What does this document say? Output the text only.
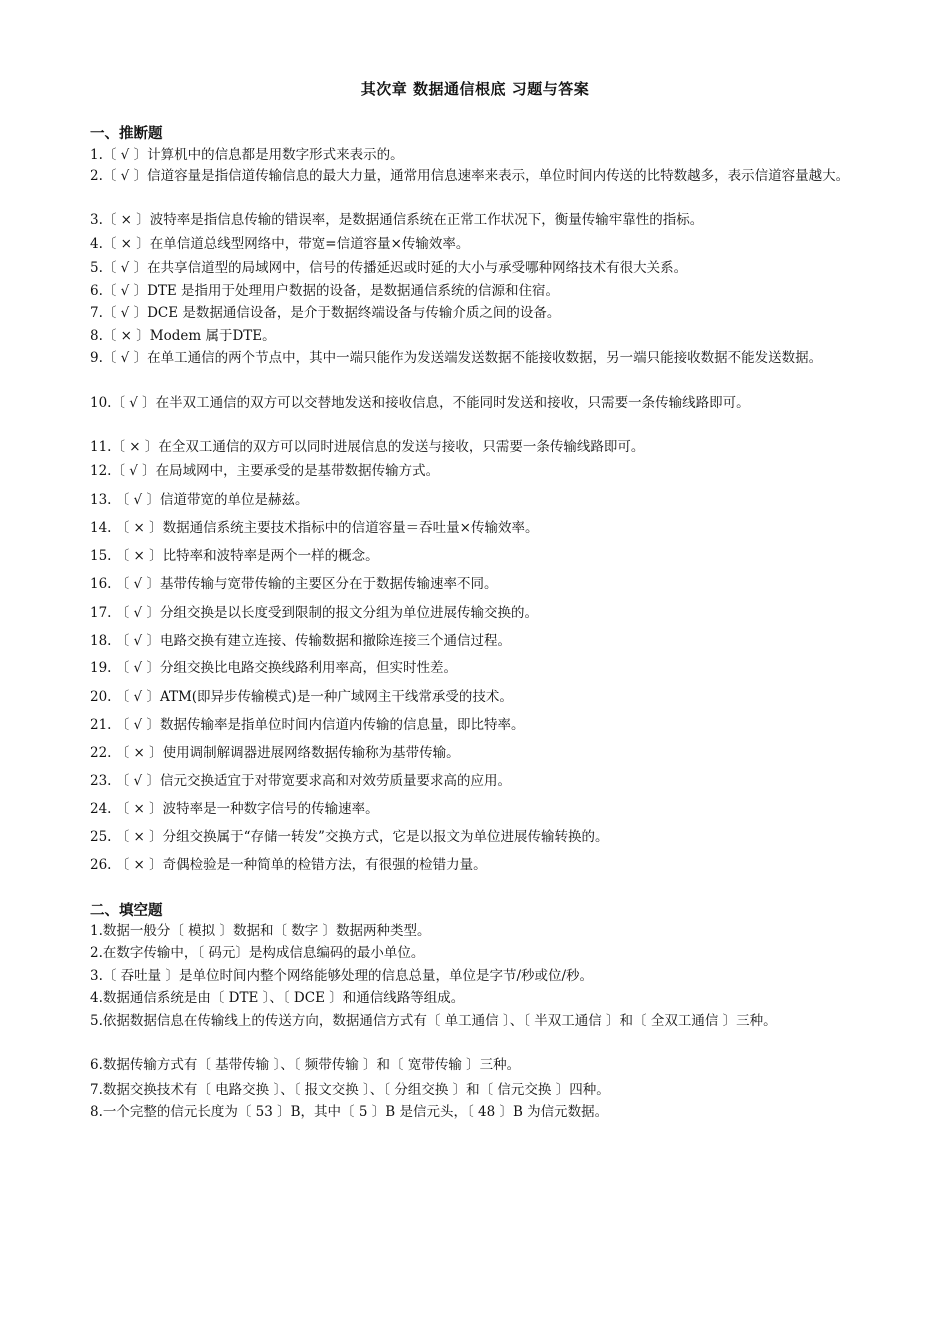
其次章 数据通信根底 习题与答案
一、推断题
1.〔 √ 〕计算机中的信息都是用数字形式来表示的。
2.〔 √ 〕信道容量是指信道传输信息的最大力量，通常用信息速率来表示，单位时间内传送的比特数越多，表示信道容量越大。
3.〔 × 〕波特率是指信息传输的错误率，是数据通信系统在正常工作状况下，衡量传输牢靠性的指标。
4.〔 × 〕在单信道总线型网络中，带宽=信道容量×传输效率。
5.〔 √ 〕在共享信道型的局域网中，信号的传播延迟或时延的大小与承受哪种网络技术有很大关系。
6.〔 √ 〕DTE 是指用于处理用户数据的设备，是数据通信系统的信源和住宿。
7.〔 √ 〕DCE 是数据通信设备，是介于数据终端设备与传输介质之间的设备。
8.〔 × 〕Modem 属于DTE。
9.〔 √ 〕在单工通信的两个节点中，其中一端只能作为发送端发送数据不能接收数据，另一端只能接收数据不能发送数据。
10.〔 √ 〕在半双工通信的双方可以交替地发送和接收信息，不能同时发送和接收，只需要一条传输线路即可。
11.〔 × 〕在全双工通信的双方可以同时进展信息的发送与接收，只需要一条传输线路即可。
12.〔 √ 〕在局域网中，主要承受的是基带数据传输方式。
13. 〔 √ 〕信道带宽的单位是赫兹。
14. 〔 × 〕数据通信系统主要技术指标中的信道容量＝吞吐量×传输效率。
15. 〔 × 〕比特率和波特率是两个一样的概念。
16. 〔 √ 〕基带传输与宽带传输的主要区分在于数据传输速率不同。
17. 〔 √ 〕分组交换是以长度受到限制的报文分组为单位进展传输交换的。
18. 〔 √ 〕电路交换有建立连接、传输数据和撤除连接三个通信过程。
19. 〔 √ 〕分组交换比电路交换线路利用率高，但实时性差。
20. 〔 √ 〕ATM(即异步传输模式)是一种广域网主干线常承受的技术。
21. 〔 √ 〕数据传输率是指单位时间内信道内传输的信息量，即比特率。
22. 〔 × 〕使用调制解调器进展网络数据传输称为基带传输。
23. 〔 √ 〕信元交换适宜于对带宽要求高和对效劳质量要求高的应用。
24. 〔 × 〕波特率是一种数字信号的传输速率。
25. 〔 × 〕分组交换属于“存储一转发”交换方式，它是以报文为单位进展传输转换的。
26. 〔 × 〕奇偶检验是一种简单的检错方法，有很强的检错力量。
二、填空题
1.数据一般分〔 模拟 〕数据和〔 数字 〕数据两种类型。
2.在数字传输中，〔 码元〕是构成信息编码的最小单位。
3.〔 吞吐量 〕是单位时间内整个网络能够处理的信息总量，单位是字节/秒或位/秒。
4.数据通信系统是由〔 DTE 〕、〔 DCE 〕和通信线路等组成。
5.依据数据信息在传输线上的传送方向，数据通信方式有〔 单工通信 〕、〔 半双工通信 〕和〔 全双工通信 〕三种。
6.数据传输方式有〔 基带传输 〕、〔 频带传输 〕和〔 宽带传输 〕三种。
7.数据交换技术有〔 电路交换 〕、〔 报文交换 〕、〔 分组交换 〕和〔 信元交换 〕四种。
8.一个完整的信元长度为〔 53 〕B，其中〔 5 〕B 是信元头，〔 48 〕B 为信元数据。
